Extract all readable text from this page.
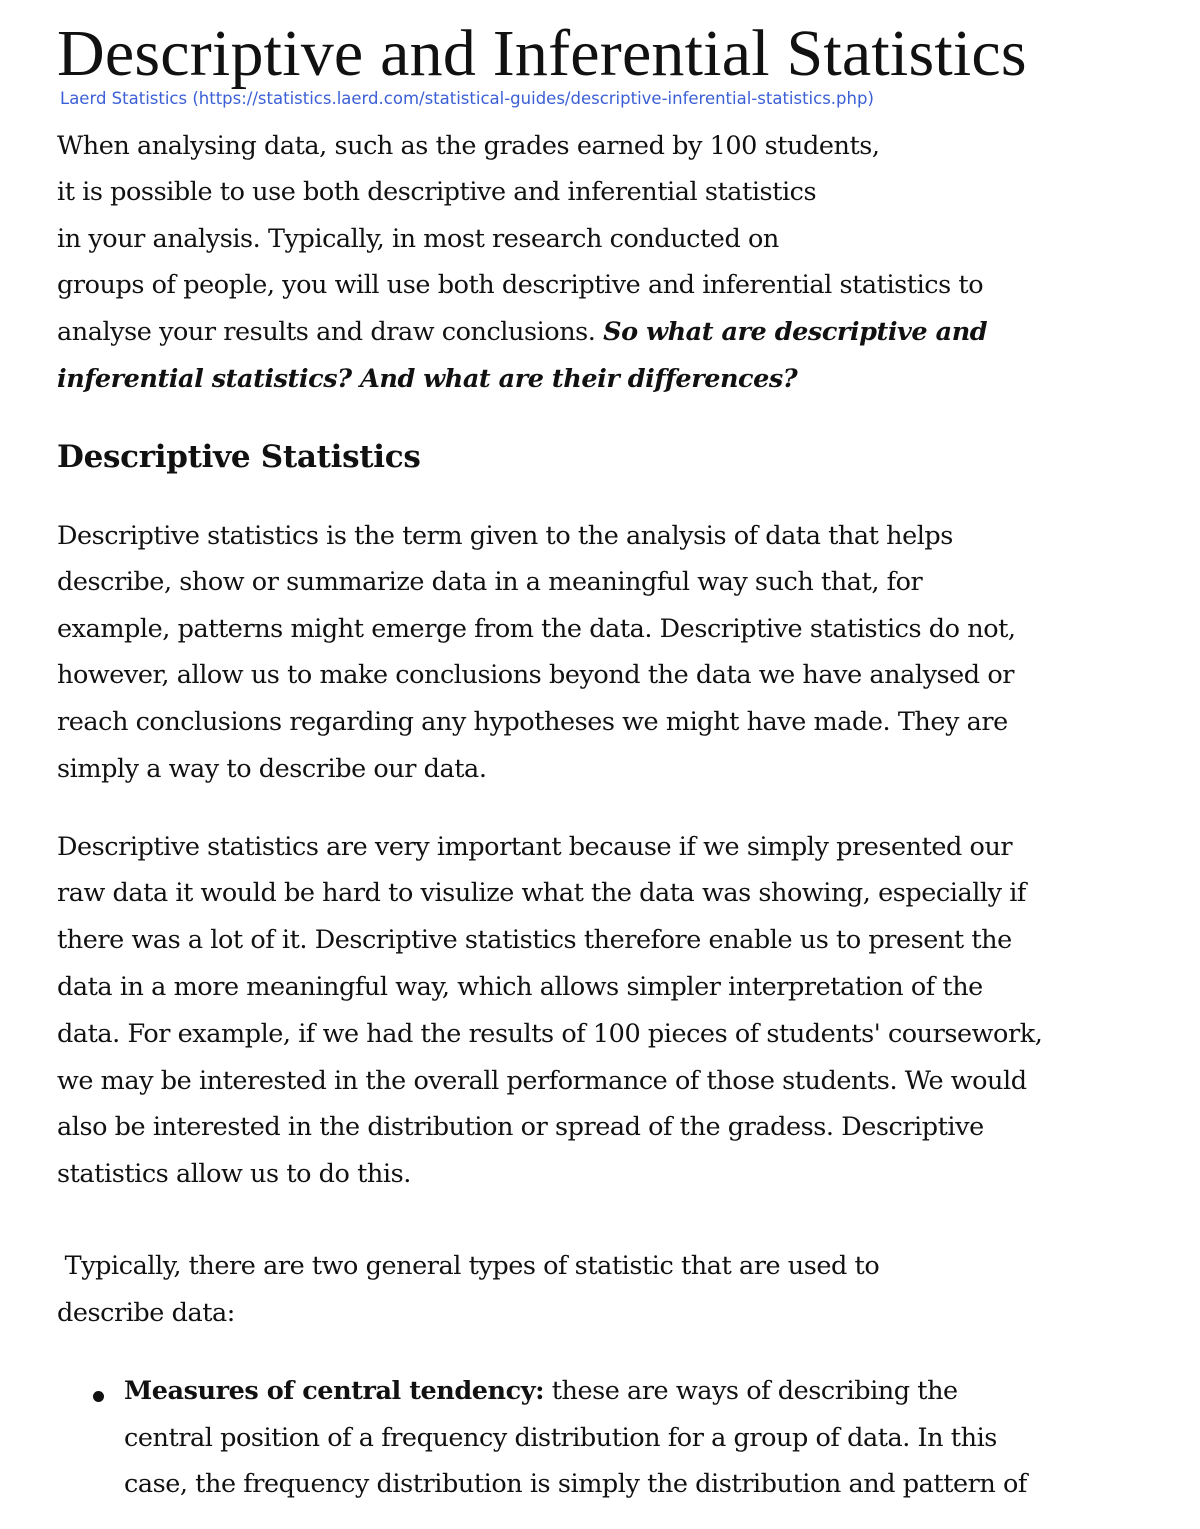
Descriptive and Inferential Statistics
Laerd Statistics (https://statistics.laerd.com/statistical-guides/descriptive-inferential-statistics.php)
When analysing data, such as the grades earned by 100 students,
it is possible to use both descriptive and inferential statistics
in your analysis. Typically, in most research conducted on
groups of people, you will use both descriptive and inferential statistics to
analyse your results and draw conclusions. So what are descriptive and
inferential statistics? And what are their differences?
Descriptive Statistics
Descriptive statistics is the term given to the analysis of data that helps
describe, show or summarize data in a meaningful way such that, for
example, patterns might emerge from the data. Descriptive statistics do not,
however, allow us to make conclusions beyond the data we have analysed or
reach conclusions regarding any hypotheses we might have made. They are
simply a way to describe our data.
Descriptive statistics are very important because if we simply presented our
raw data it would be hard to visulize what the data was showing, especially if
there was a lot of it. Descriptive statistics therefore enable us to present the
data in a more meaningful way, which allows simpler interpretation of the
data. For example, if we had the results of 100 pieces of students' coursework,
we may be interested in the overall performance of those students. We would
also be interested in the distribution or spread of the gradess. Descriptive
statistics allow us to do this.
Typically, there are two general types of statistic that are used to
describe data:
Measures of central tendency: these are ways of describing the
central position of a frequency distribution for a group of data. In this
case, the frequency distribution is simply the distribution and pattern of
